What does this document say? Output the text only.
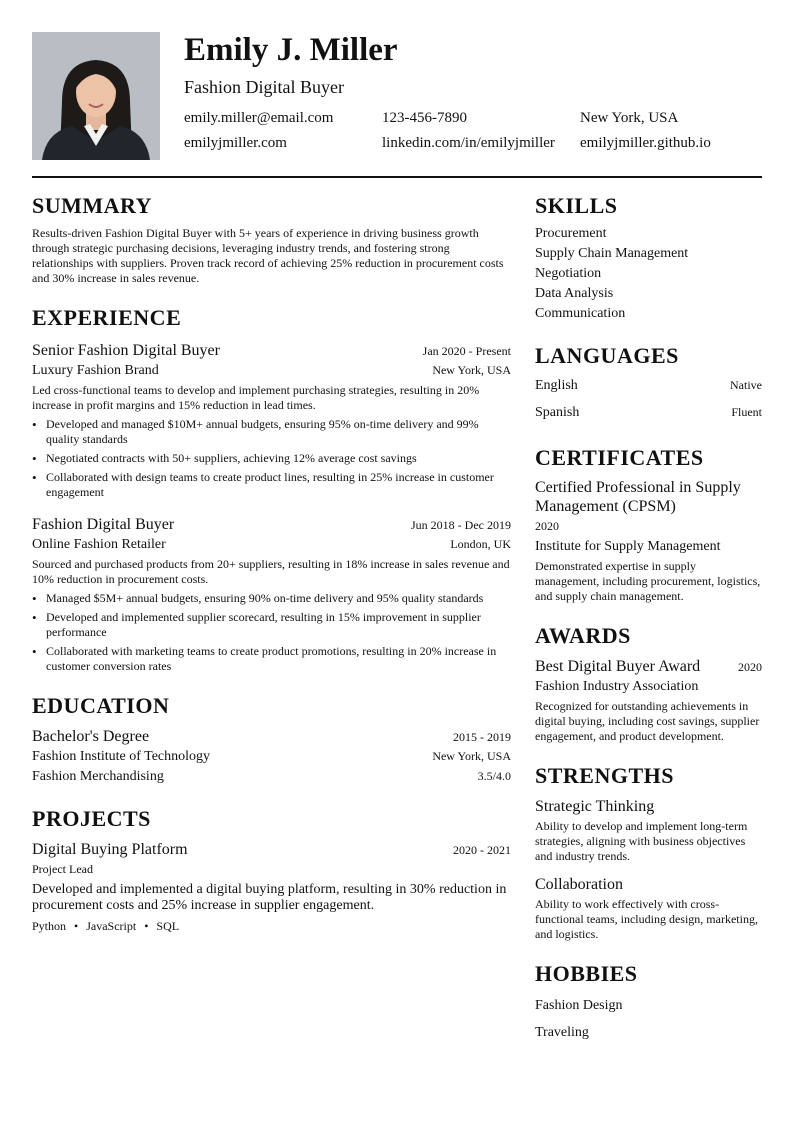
Emily J. Miller
Fashion Digital Buyer
emily.miller@email.com	123-456-7890	New York, USA
emilyjmiller.com	linkedin.com/in/emilyjmiller	emilyjmiller.github.io
SUMMARY
Results-driven Fashion Digital Buyer with 5+ years of experience in driving business growth through strategic purchasing decisions, leveraging industry trends, and fostering strong relationships with suppliers. Proven track record of achieving 25% reduction in procurement costs and 30% increase in sales revenue.
EXPERIENCE
Senior Fashion Digital Buyer	Jan 2020 - Present
Luxury Fashion Brand	New York, USA
Led cross-functional teams to develop and implement purchasing strategies, resulting in 20% increase in profit margins and 15% reduction in lead times.
• Developed and managed $10M+ annual budgets, ensuring 95% on-time delivery and 99% quality standards
• Negotiated contracts with 50+ suppliers, achieving 12% average cost savings
• Collaborated with design teams to create product lines, resulting in 25% increase in customer engagement
Fashion Digital Buyer	Jun 2018 - Dec 2019
Online Fashion Retailer	London, UK
Sourced and purchased products from 20+ suppliers, resulting in 18% increase in sales revenue and 10% reduction in procurement costs.
• Managed $5M+ annual budgets, ensuring 90% on-time delivery and 95% quality standards
• Developed and implemented supplier scorecard, resulting in 15% improvement in supplier performance
• Collaborated with marketing teams to create product promotions, resulting in 20% increase in customer conversion rates
EDUCATION
Bachelor's Degree	2015 - 2019
Fashion Institute of Technology	New York, USA
Fashion Merchandising	3.5/4.0
PROJECTS
Digital Buying Platform	2020 - 2021
Project Lead
Developed and implemented a digital buying platform, resulting in 30% reduction in procurement costs and 25% increase in supplier engagement.
Python • JavaScript • SQL
SKILLS
Procurement
Supply Chain Management
Negotiation
Data Analysis
Communication
LANGUAGES
English	Native
Spanish	Fluent
CERTIFICATES
Certified Professional in Supply Management (CPSM)
2020
Institute for Supply Management
Demonstrated expertise in supply management, including procurement, logistics, and supply chain management.
AWARDS
Best Digital Buyer Award	2020
Fashion Industry Association
Recognized for outstanding achievements in digital buying, including cost savings, supplier engagement, and product development.
STRENGTHS
Strategic Thinking
Ability to develop and implement long-term strategies, aligning with business objectives and industry trends.
Collaboration
Ability to work effectively with cross-functional teams, including design, marketing, and logistics.
HOBBIES
Fashion Design
Traveling
